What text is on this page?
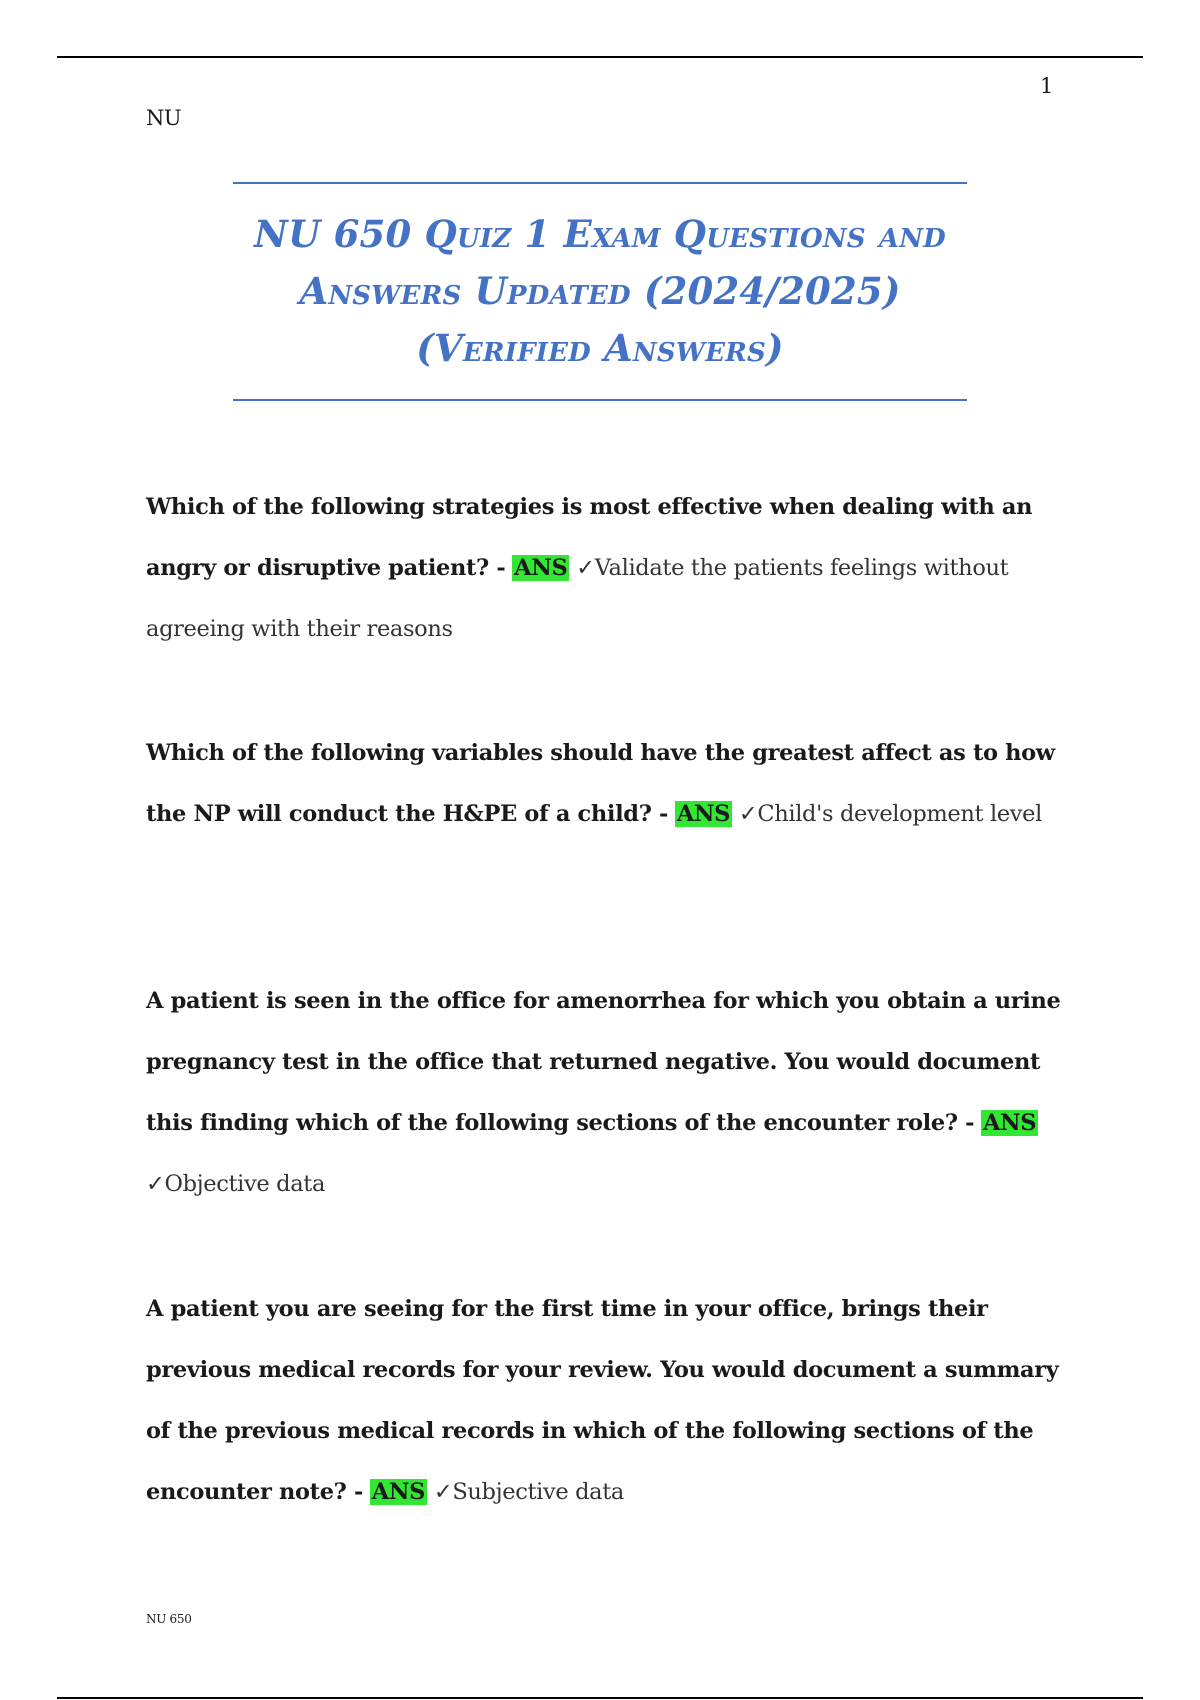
1
NU
NU 650 Quiz 1 Exam Questions and
Answers Updated (2024/2025)
(Verified Answers)
Which of the following strategies is most effective when dealing with an angry or disruptive patient? - ANS ✓Validate the patients feelings without agreeing with their reasons
Which of the following variables should have the greatest affect as to how the NP will conduct the H&PE of a child? - ANS ✓Child's development level
A patient is seen in the office for amenorrhea for which you obtain a urine pregnancy test in the office that returned negative. You would document this finding which of the following sections of the encounter role? - ANS ✓Objective data
A patient you are seeing for the first time in your office, brings their previous medical records for your review. You would document a summary of the previous medical records in which of the following sections of the encounter note? - ANS ✓Subjective data
NU 650
